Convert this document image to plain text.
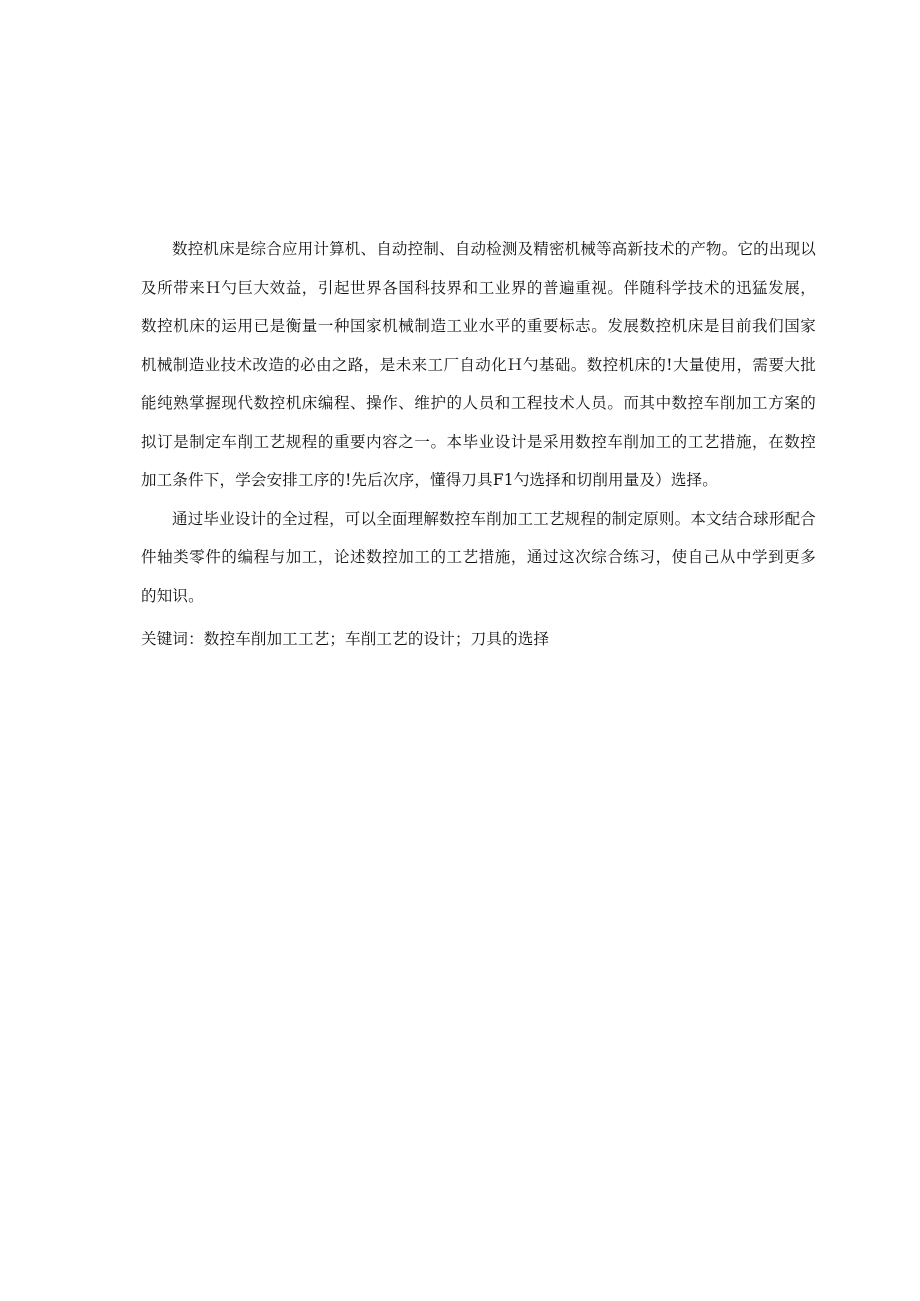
数控机床是综合应用计算机、自动控制、自动检测及精密机械等高新技术的产物。它的出现以及所带来Ｈ勺巨大效益，引起世界各国科技界和工业界的普遍重视。伴随科学技术的迅猛发展，数控机床的运用已是衡量一种国家机械制造工业水平的重要标志。发展数控机床是目前我们国家机械制造业技术改造的必由之路，是未来工厂自动化Ｈ勺基础。数控机床的!大量使用，需要大批能纯熟掌握现代数控机床编程、操作、维护的人员和工程技术人员。而其中数控车削加工方案的拟订是制定车削工艺规程的重要内容之一。本毕业设计是采用数控车削加工的工艺措施，在数控加工条件下，学会安排工序的!先后次序，懂得刀具F1勺选择和切削用量及）选择。

通过毕业设计的全过程，可以全面理解数控车削加工工艺规程的制定原则。本文结合球形配合件轴类零件的编程与加工，论述数控加工的工艺措施，通过这次综合练习，使自己从中学到更多的知识。

关键词：数控车削加工工艺；车削工艺的设计；刀具的选择
